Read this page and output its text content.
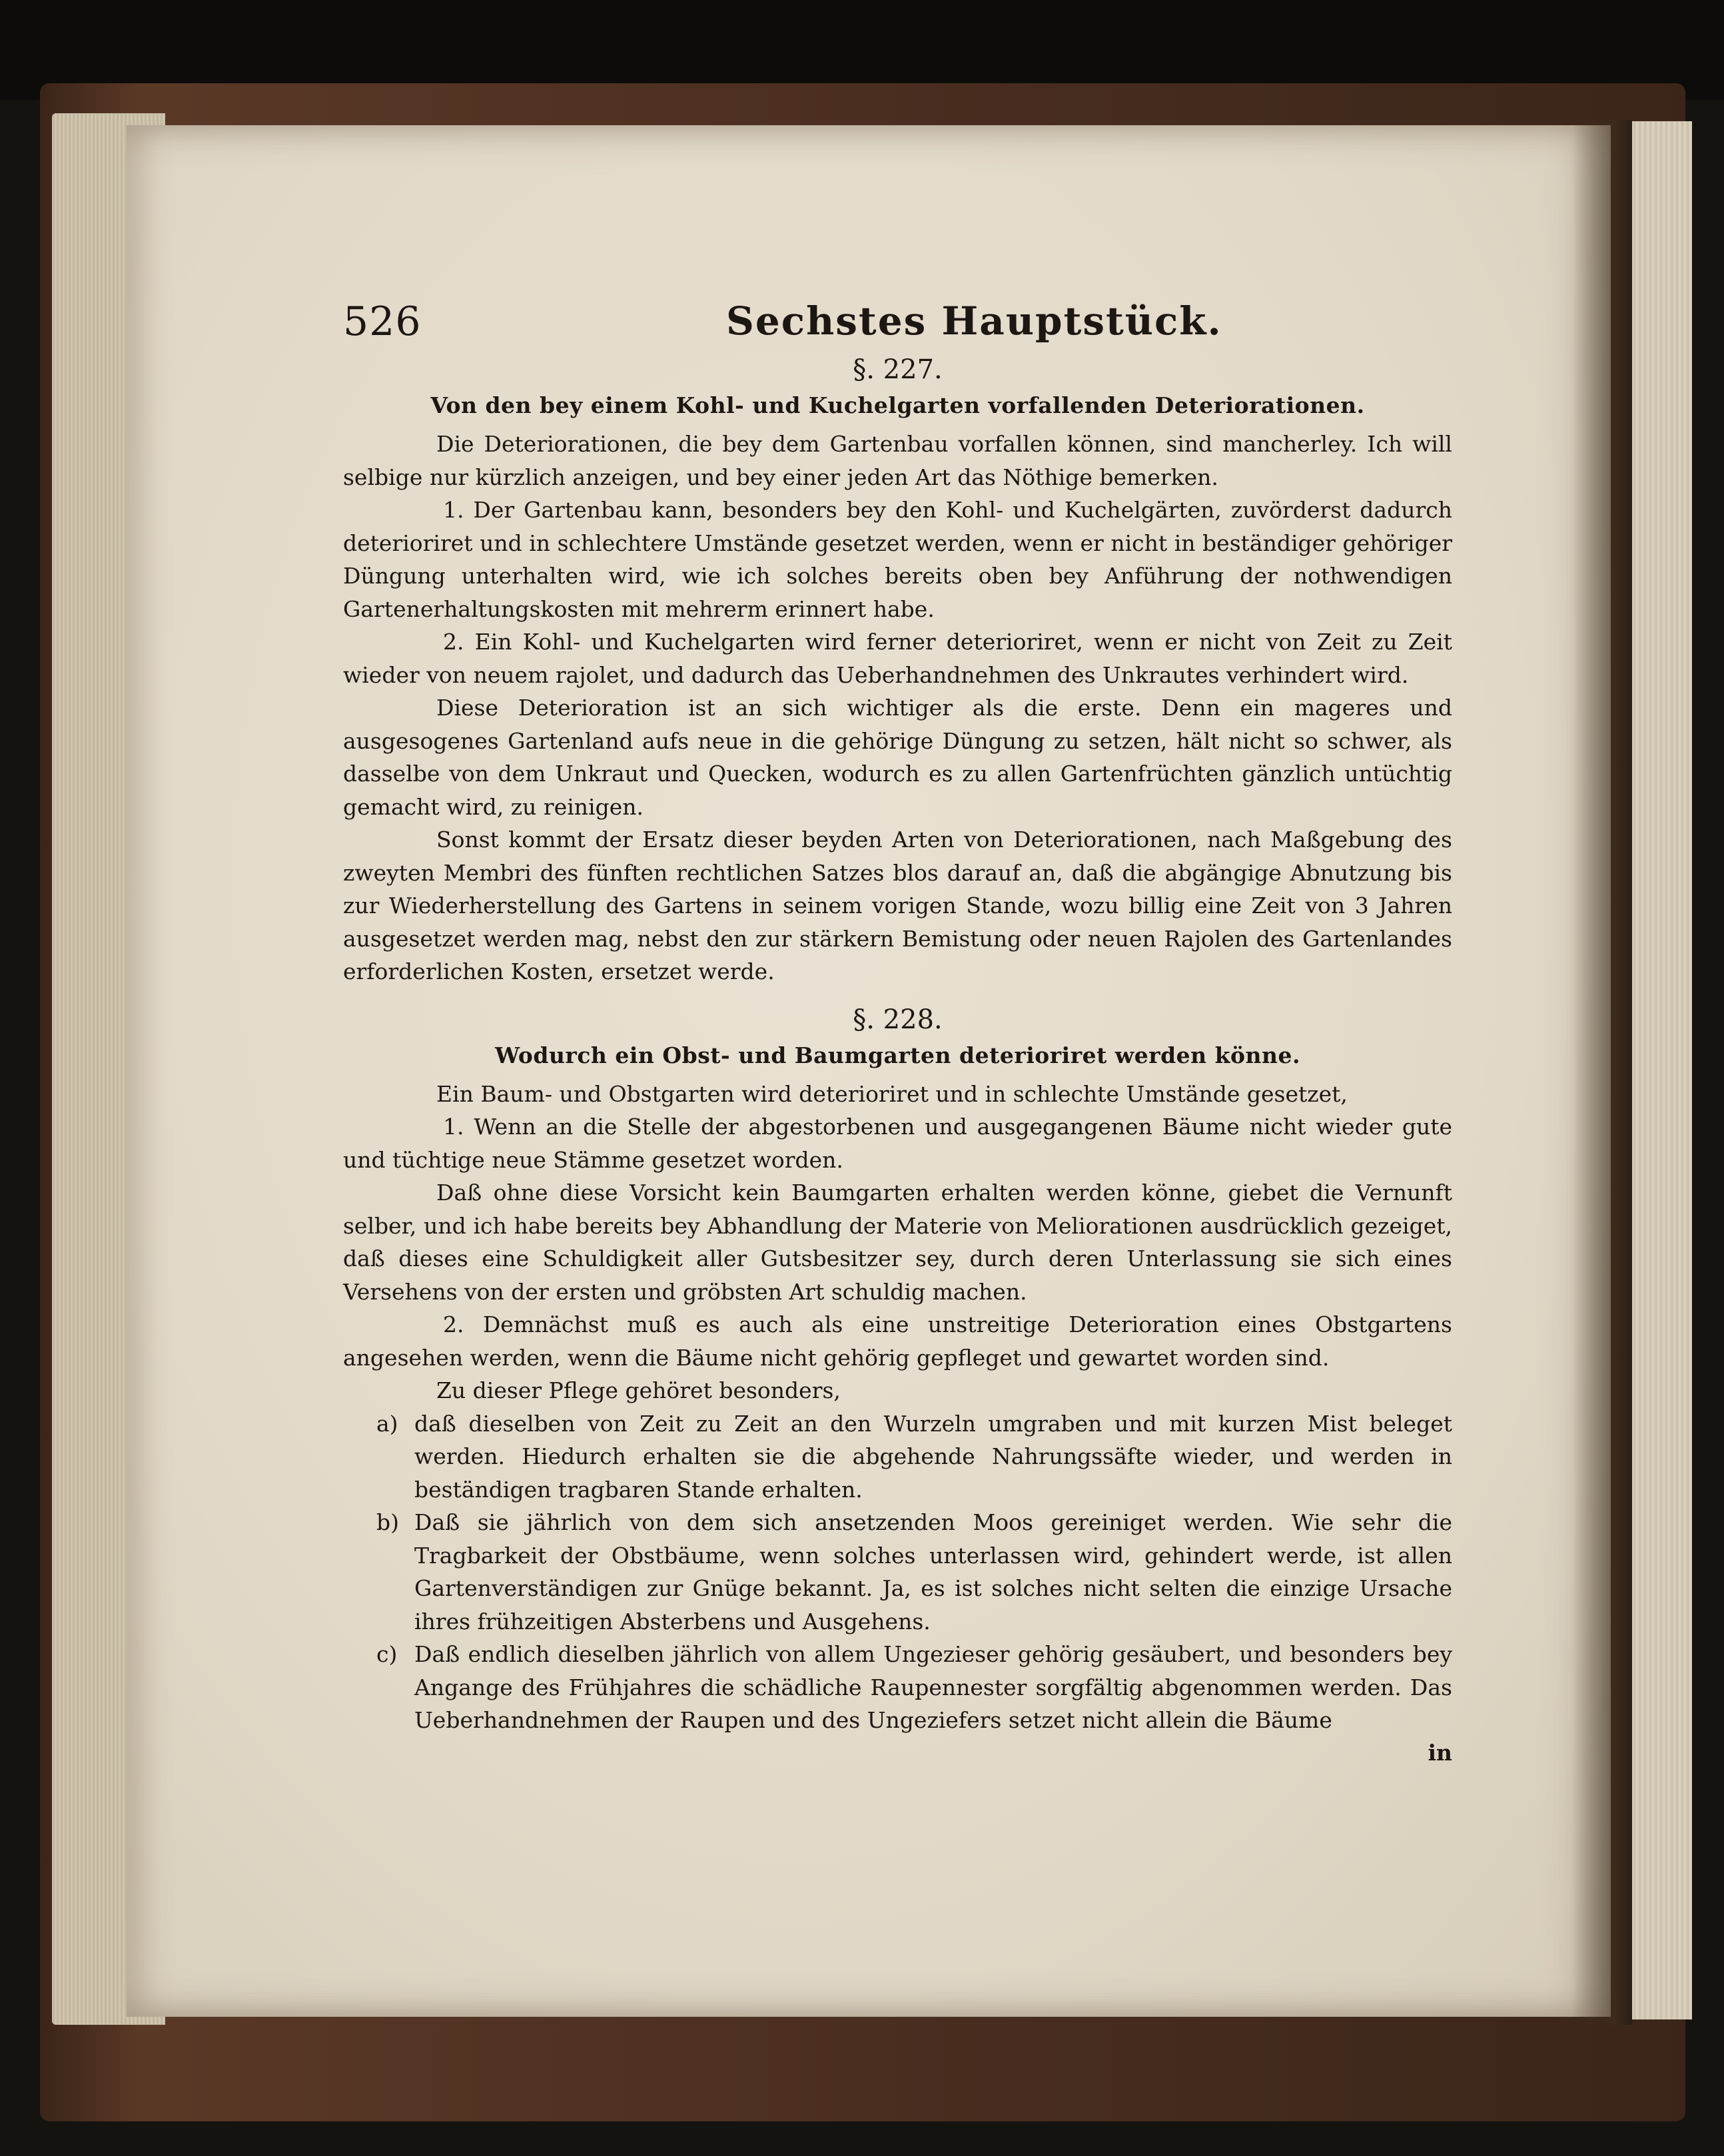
526	Sechstes Hauptstück.
§. 227.
Von den bey einem Kohl- und Kuchelgarten vorfallenden Deteriorationen.

Die Deteriorationen, die bey dem Gartenbau vorfallen können, sind mancherley. Ich will selbige nur kürzlich anzeigen, und bey einer jeden Art das Nöthige bemerken.

1. Der Gartenbau kann, besonders bey den Kohl- und Kuchelgärten, zuvörderst dadurch deterioriret und in schlechtere Umstände gesetzet werden, wenn er nicht in beständiger gehöriger Düngung unterhalten wird, wie ich solches bereits oben bey Anführung der nothwendigen Gartenerhaltungskosten mit mehrerm erinnert habe.

2. Ein Kohl- und Kuchelgarten wird ferner deterioriret, wenn er nicht von Zeit zu Zeit wieder von neuem rajolet, und dadurch das Ueberhandnehmen des Unkrautes verhindert wird.

Diese Deterioration ist an sich wichtiger als die erste. Denn ein mageres und ausgesogenes Gartenland aufs neue in die gehörige Düngung zu setzen, hält nicht so schwer, als dasselbe von dem Unkraut und Quecken, wodurch es zu allen Gartenfrüchten gänzlich untüchtig gemacht wird, zu reinigen.

Sonst kommt der Ersatz dieser beyden Arten von Deteriorationen, nach Maßgebung des zweyten Membri des fünften rechtlichen Satzes blos darauf an, daß die abgängige Abnutzung bis zur Wiederherstellung des Gartens in seinem vorigen Stande, wozu billig eine Zeit von 3 Jahren ausgesetzet werden mag, nebst den zur stärkern Bemistung oder neuen Rajolen des Gartenlandes erforderlichen Kosten, ersetzet werde.

§. 228.
Wodurch ein Obst- und Baumgarten deterioriret werden könne.

Ein Baum- und Obstgarten wird deterioriret und in schlechte Umstände gesetzet,

1. Wenn an die Stelle der abgestorbenen und ausgegangenen Bäume nicht wieder gute und tüchtige neue Stämme gesetzet worden.

Daß ohne diese Vorsicht kein Baumgarten erhalten werden könne, giebet die Vernunft selber, und ich habe bereits bey Abhandlung der Materie von Meliorationen ausdrücklich gezeiget, daß dieses eine Schuldigkeit aller Gutsbesitzer sey, durch deren Unterlassung sie sich eines Versehens von der ersten und gröbsten Art schuldig machen.

2. Demnächst muß es auch als eine unstreitige Deterioration eines Obstgartens angesehen werden, wenn die Bäume nicht gehörig gepfleget und gewartet worden sind.

Zu dieser Pflege gehöret besonders,

a) daß dieselben von Zeit zu Zeit an den Wurzeln umgraben und mit kurzen Mist beleget werden. Hiedurch erhalten sie die abgehende Nahrungssäfte wieder, und werden in beständigen tragbaren Stande erhalten.
b) Daß sie jährlich von dem sich ansetzenden Moos gereiniget werden. Wie sehr die Tragbarkeit der Obstbäume, wenn solches unterlassen wird, gehindert werde, ist allen Gartenverständigen zur Gnüge bekannt. Ja, es ist solches nicht selten die einzige Ursache ihres frühzeitigen Absterbens und Ausgehens.
c) Daß endlich dieselben jährlich von allem Ungezieser gehörig gesäubert, und besonders bey Angange des Frühjahres die schädliche Raupennester sorgfältig abgenommen werden. Das Ueberhandnehmen der Raupen und des Ungeziefers setzet nicht allein die Bäume
in
